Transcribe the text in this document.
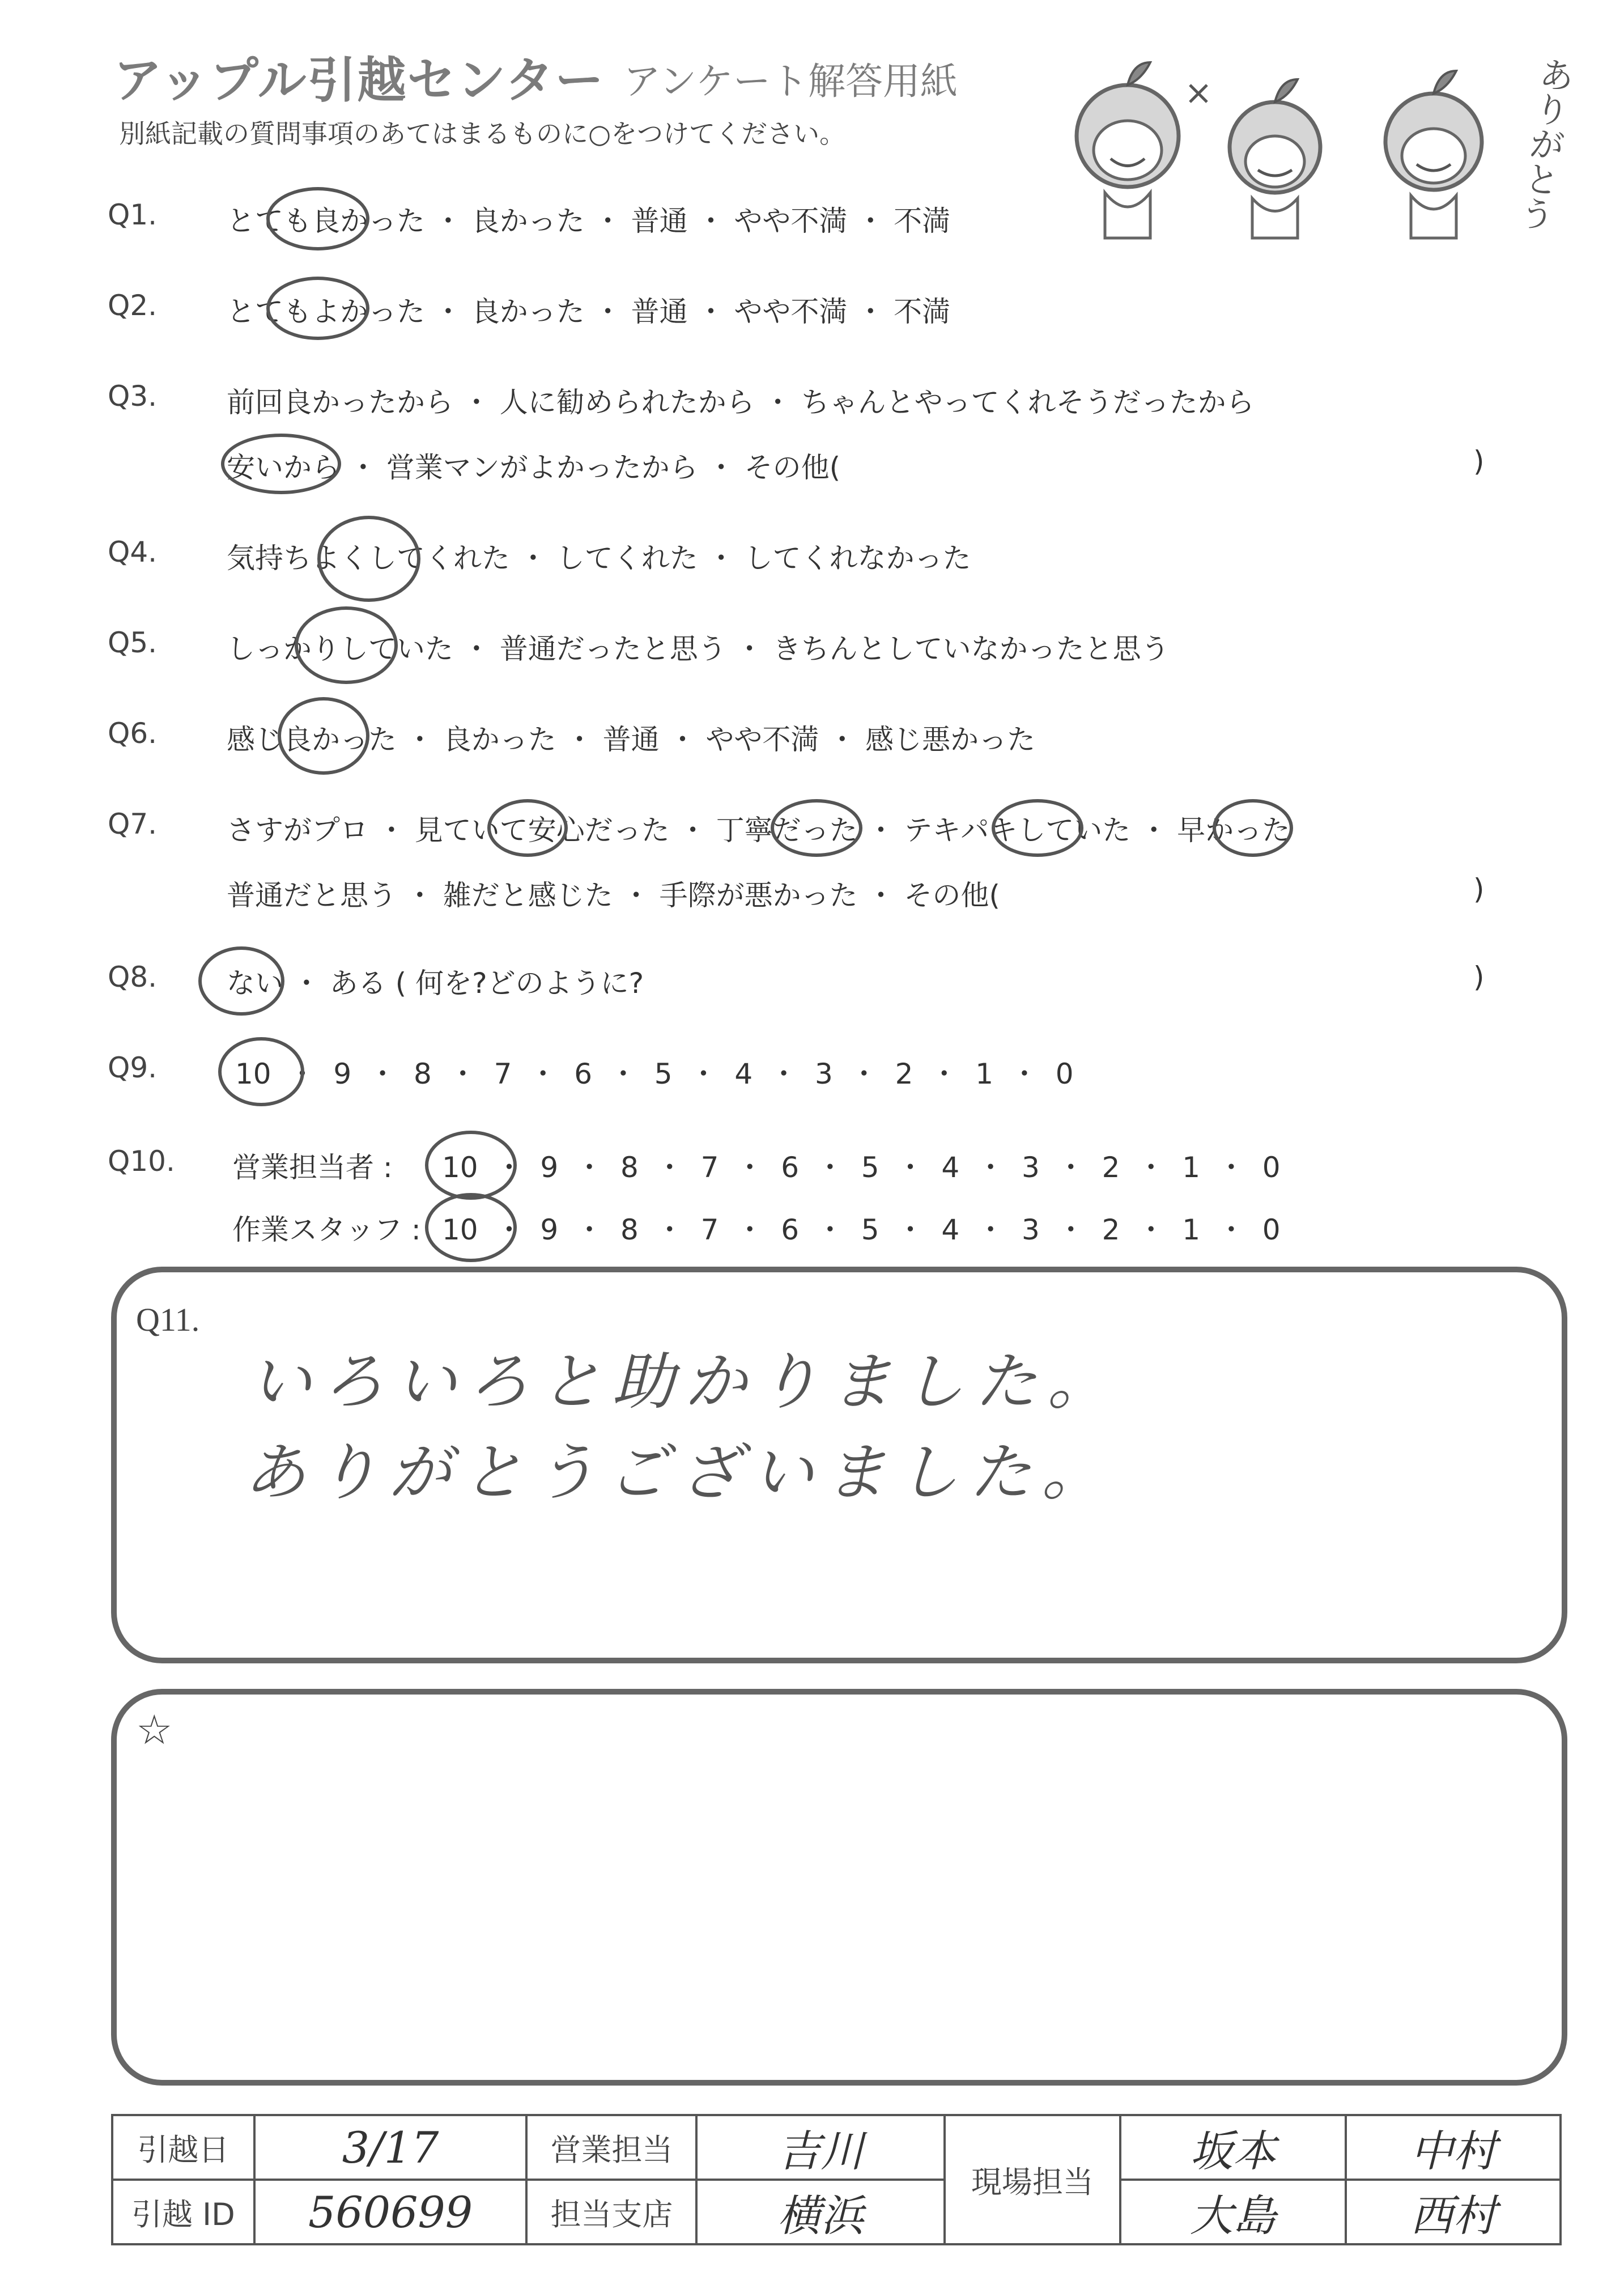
アップル引越センター アンケート解答用紙
別紙記載の質問事項のあてはまるものに○をつけてください。	ありがとう
Q1. とても良かった ・ 良かった ・ 普通 ・ やや不満 ・ 不満
Q2. とてもよかった ・ 良かった ・ 普通 ・ やや不満 ・ 不満
Q3. 前回良かったから ・ 人に勧められたから ・ ちゃんとやってくれそうだったから
安いから ・ 営業マンがよかったから ・ その他(	)
Q4. 気持ちよくしてくれた ・ してくれた ・ してくれなかった
Q5. しっかりしていた ・ 普通だったと思う ・ きちんとしていなかったと思う
Q6. 感じ良かった ・ 良かった ・ 普通 ・ やや不満 ・ 感じ悪かった
Q7. さすがプロ ・ 見ていて安心だった ・ 丁寧だった ・ テキパキしていた ・ 早かった
普通だと思う ・ 雑だと感じた ・ 手際が悪かった ・ その他(	)
Q8. ない ・ ある ( 何を?どのように?	)
Q9.	10 ・ 9 ・ 8 ・ 7 ・ 6 ・ 5 ・ 4 ・ 3 ・ 2 ・ 1 ・ 0
Q10. 営業担当者 : 10 ・ 9 ・ 8 ・ 7 ・ 6 ・ 5 ・ 4 ・ 3 ・ 2 ・ 1 ・ 0
作業スタッフ : 10 ・ 9 ・ 8 ・ 7 ・ 6 ・ 5 ・ 4 ・ 3 ・ 2 ・ 1 ・ 0
Q11.
いろいろと助かりました。
ありがとうございました。
☆
引越日	3/17	営業担当	吉川	現場担当	坂本	中村
引越 ID	560699	担当支店	横浜		大島	西村
